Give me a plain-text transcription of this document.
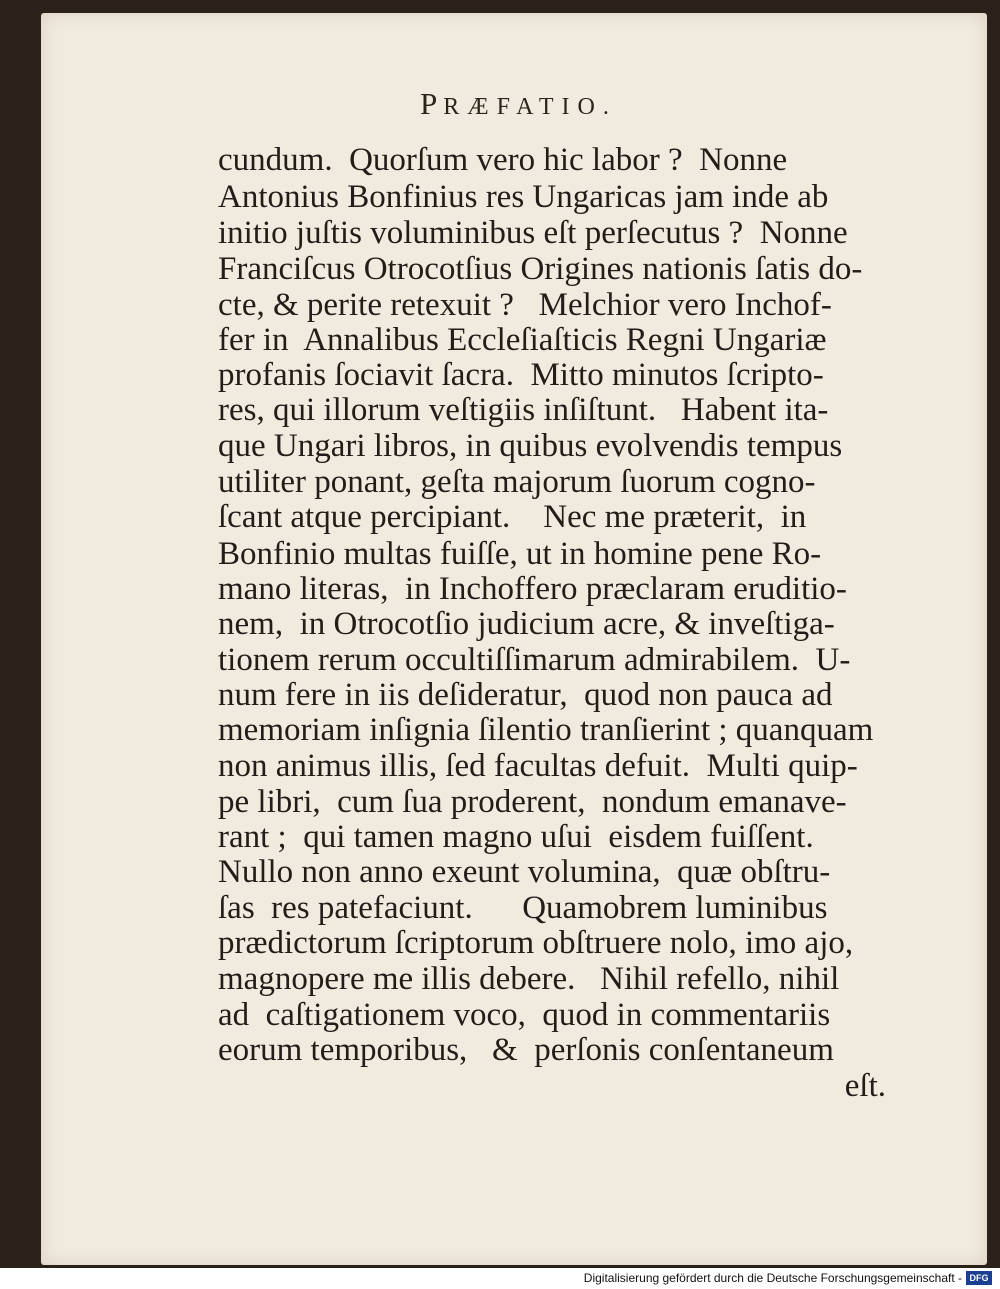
PRÆFATIO.
cundum.  Quorſum vero hic labor ?  Nonne
Antonius Bonfinius res Ungaricas jam inde ab
initio juſtis voluminibus eſt perſecutus ?  Nonne
Franciſcus Otrocotſius Origines nationis ſatis do-
cte, & perite retexuit ?   Melchior vero Inchof-
fer in  Annalibus Eccleſiaſticis Regni Ungariæ
profanis ſociavit ſacra.  Mitto minutos ſcripto-
res, qui illorum veſtigiis inſiſtunt.   Habent ita-
que Ungari libros, in quibus evolvendis tempus
utiliter ponant, geſta majorum ſuorum cogno-
ſcant atque percipiant.    Nec me præterit,  in
Bonfinio multas fuiſſe, ut in homine pene Ro-
mano literas,  in Inchoffero præclaram eruditio-
nem,  in Otrocotſio judicium acre, & inveſtiga-
tionem rerum occultiſſimarum admirabilem.  U-
num fere in iis deſideratur,  quod non pauca ad
memoriam inſignia ſilentio tranſierint ; quanquam
non animus illis, ſed facultas defuit.  Multi quip-
pe libri,  cum ſua proderent,  nondum emanave-
rant ;  qui tamen magno uſui  eisdem fuiſſent.
Nullo non anno exeunt volumina,  quæ obſtru-
ſas  res patefaciunt.      Quamobrem luminibus
prædictorum ſcriptorum obſtruere nolo, imo ajo,
magnopere me illis debere.   Nihil refello, nihil
ad  caſtigationem voco,  quod in commentariis
eorum temporibus,   &  perſonis conſentaneum
eſt.
Digitalisierung gefördert durch die Deutsche Forschungsgemeinschaft - DFG
